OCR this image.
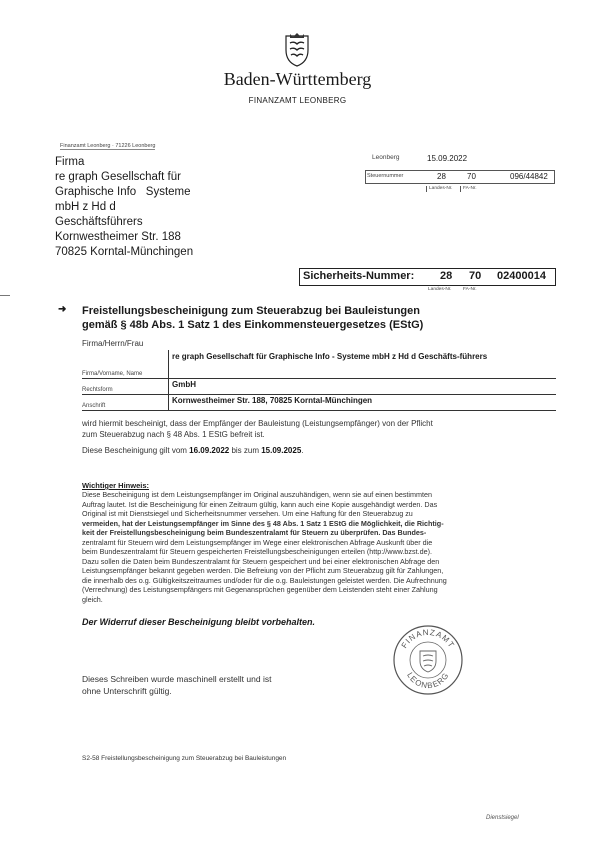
Baden-Württemberg
FINANZAMT LEONBERG
Finanzamt Leonberg · 71226 Leonberg
Firma
re graph Gesellschaft für
Graphische Info   Systeme
mbH z Hd d
Geschäftsführers
Kornwestheimer Str. 188
70825 Korntal-Münchingen
Leonberg	15.09.2022
Steuernummer	28	70	096/44842
Landes-Nr.	FA-Nr.
Sicherheits-Nummer: 28 70 02400014
Landes-Nr. FA-Nr.
➜ Freistellungsbescheinigung zum Steuerabzug bei Bauleistungen
gemäß § 48b Abs. 1 Satz 1 des Einkommensteuergesetzes (EStG)
Firma/Herrn/Frau
Firma/Vorname, Name
re graph Gesellschaft für Graphische Info - Systeme mbH z Hd d Geschäfts-führers
Rechtsform
GmbH
Anschrift
Kornwestheimer Str. 188, 70825 Korntal-Münchingen
wird hiermit bescheinigt, dass der Empfänger der Bauleistung (Leistungsempfänger) von der Pflicht
zum Steuerabzug nach § 48 Abs. 1 EStG befreit ist.
Diese Bescheinigung gilt vom 16.09.2022 bis zum 15.09.2025.
Wichtiger Hinweis:
Diese Bescheinigung ist dem Leistungsempfänger im Original auszuhändigen, wenn sie auf einen bestimmten
Auftrag lautet. Ist die Bescheinigung für einen Zeitraum gültig, kann auch eine Kopie ausgehändigt werden. Das
Original ist mit Dienstsiegel und Sicherheitsnummer versehen. Um eine Haftung für den Steuerabzug zu
vermeiden, hat der Leistungsempfänger im Sinne des § 48 Abs. 1 Satz 1 EStG die Möglichkeit, die Richtig-
keit der Freistellungsbescheinigung beim Bundeszentralamt für Steuern zu überprüfen. Das Bundes-
zentralamt für Steuern wird dem Leistungsempfänger im Wege einer elektronischen Abfrage Auskunft über die
beim Bundeszentralamt für Steuern gespeicherten Freistellungsbescheinigungen erteilen (http://www.bzst.de).
Dazu sollen die Daten beim Bundeszentralamt für Steuern gespeichert und bei einer elektronischen Abfrage den
Leistungsempfänger bekannt gegeben werden. Die Befreiung von der Pflicht zum Steuerabzug gilt für Zahlungen,
die innerhalb des o.g. Gültigkeitszeitraumes und/oder für die o.g. Bauleistungen geleistet werden. Die Aufrechnung
(Verrechnung) des Leistungsempfängers mit Gegenansprüchen gegenüber dem Leistenden steht einer Zahlung
gleich.
Der Widerruf dieser Bescheinigung bleibt vorbehalten.
FINANZAMT
LEONBERG
Dieses Schreiben wurde maschinell erstellt und ist
ohne Unterschrift gültig.
S2-58 Freistellungsbescheinigung zum Steuerabzug bei Bauleistungen
Dienstsiegel
